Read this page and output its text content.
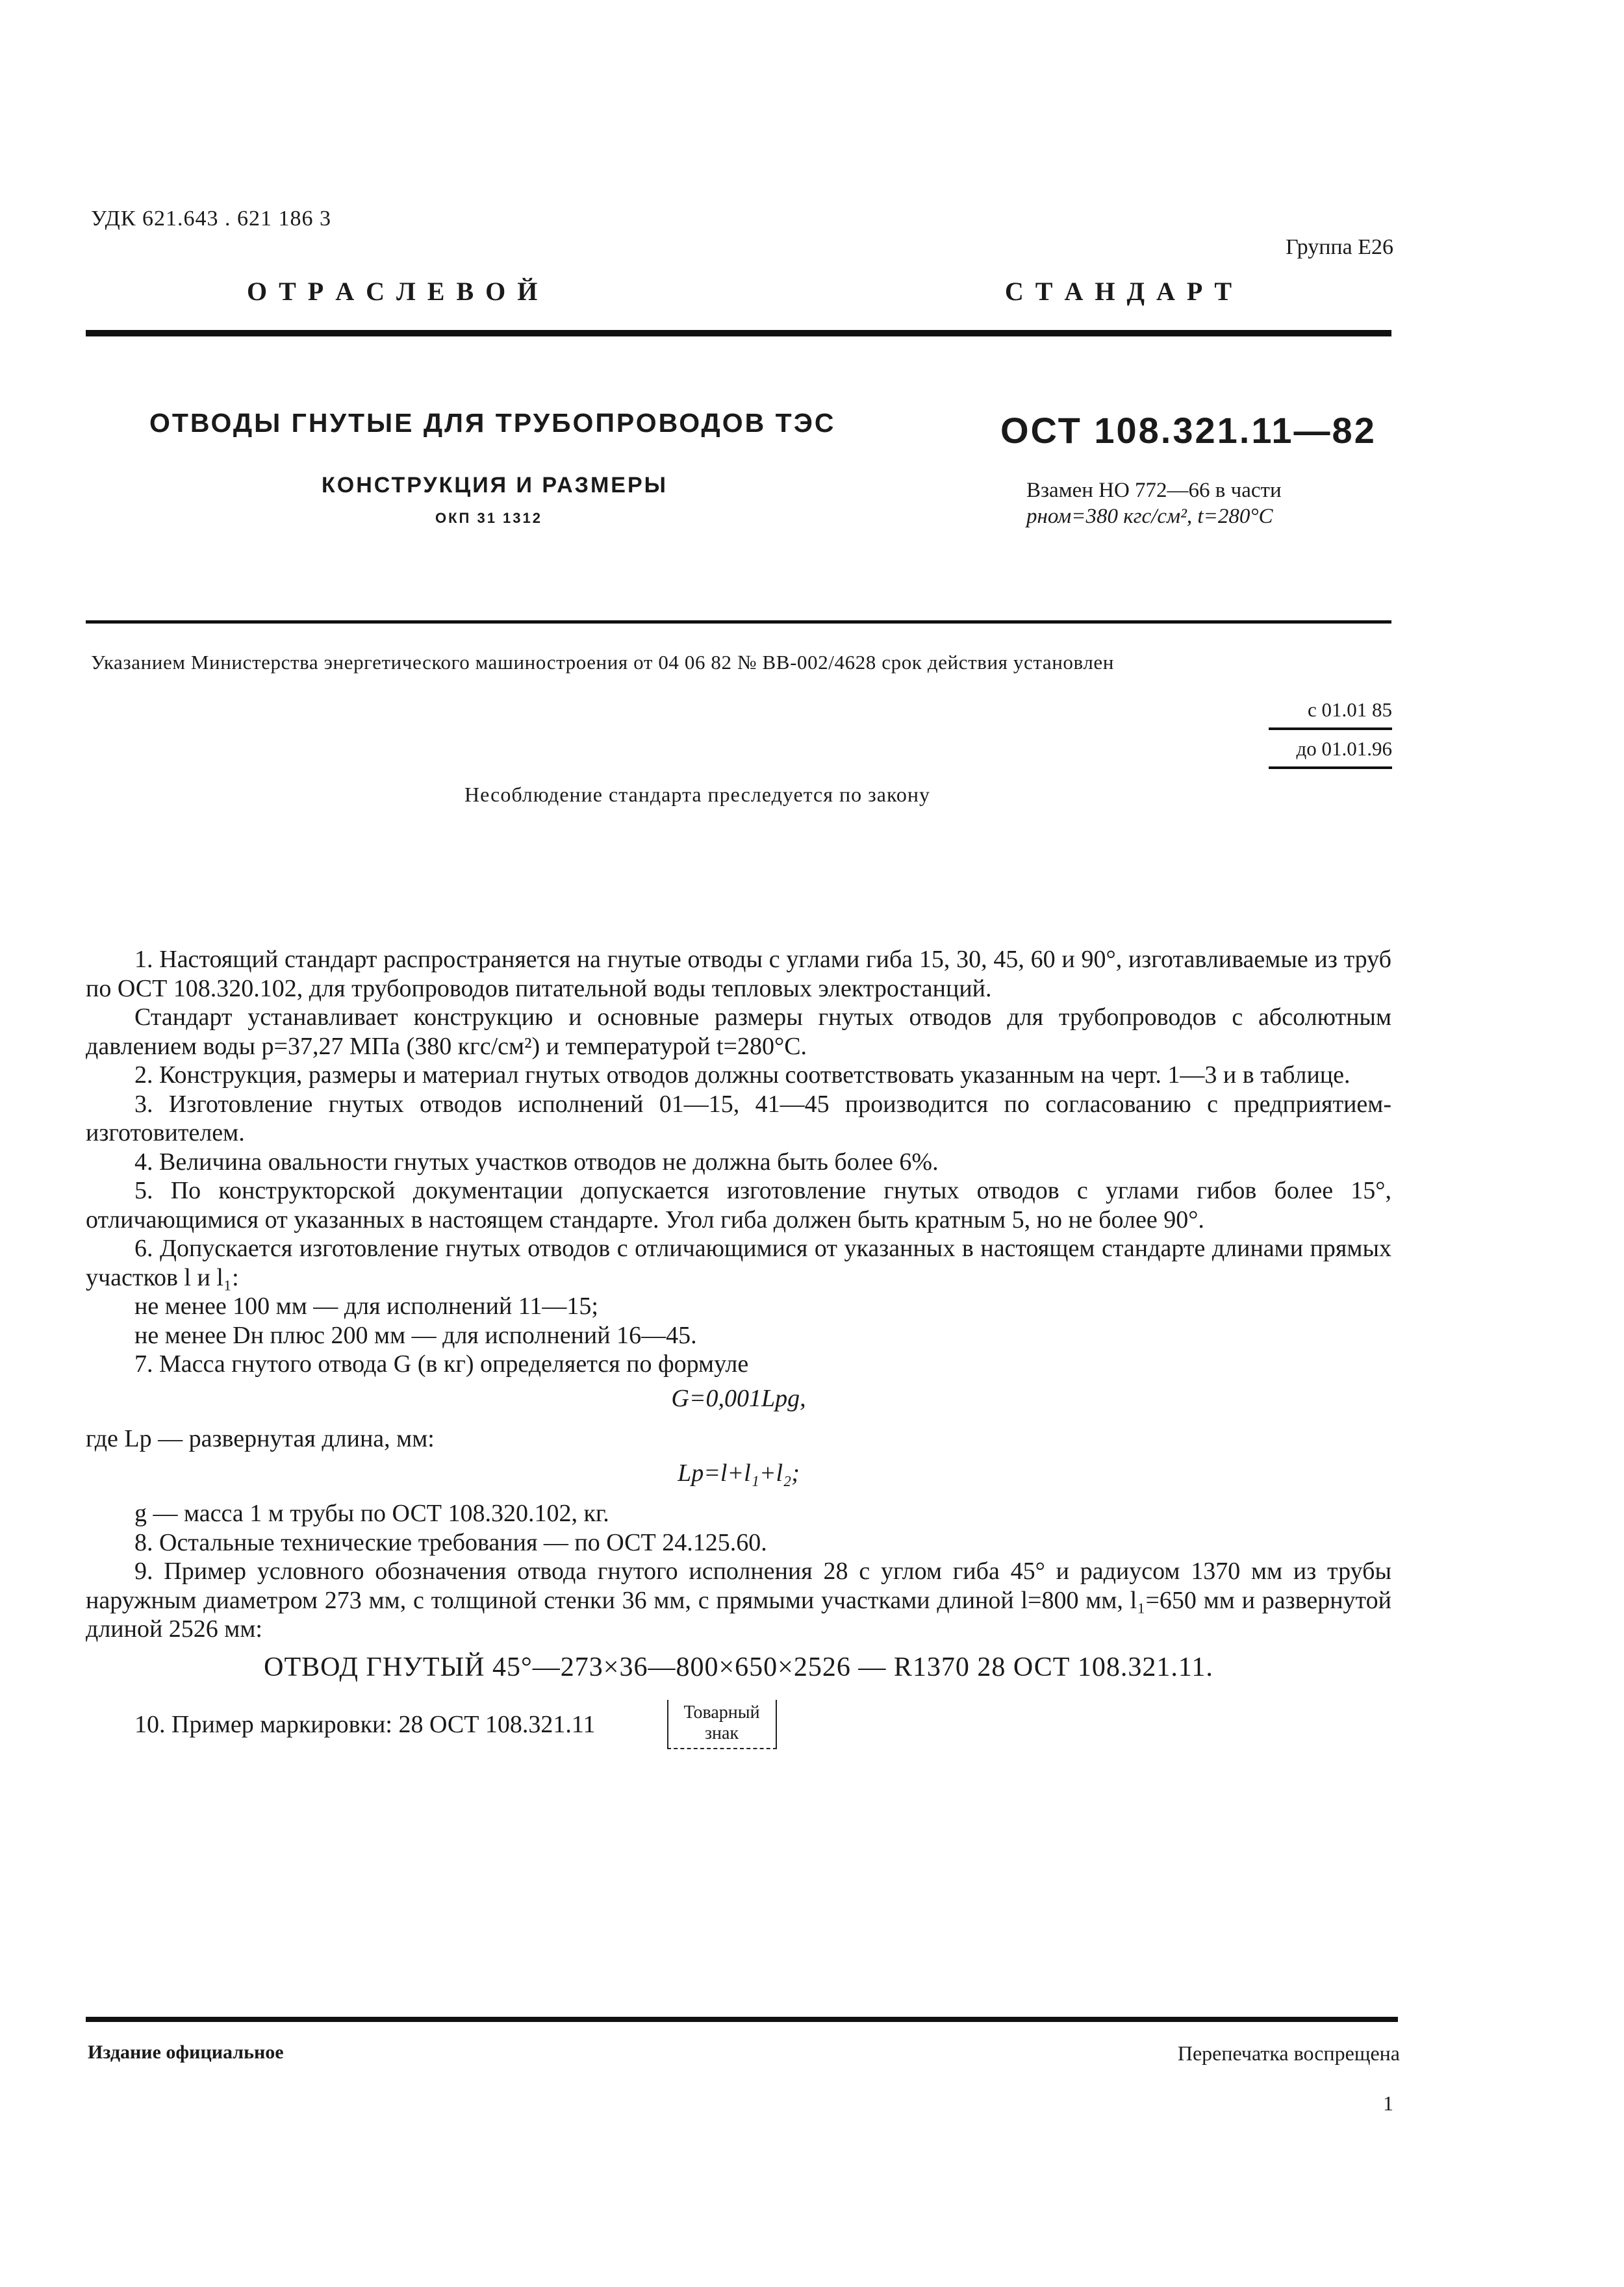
УДК 621.643 . 621 186 3
Группа Е26
О Т Р А С Л Е В О Й	С Т А Н Д А Р Т
ОТВОДЫ ГНУТЫЕ ДЛЯ ТРУБОПРОВОДОВ ТЭС
КОНСТРУКЦИЯ И РАЗМЕРЫ
ОКП 31 1312
ОСТ 108.321.11—82
Взамен НО 772—66 в части
pном=380 кгс/см², t=280°С
Указанием Министерства энергетического машиностроения от 04 06 82 № ВВ-002/4628 срок действия установлен
с 01.01 85
до 01.01.96
Несоблюдение стандарта преследуется по закону

1. Настоящий стандарт распространяется на гнутые отводы с углами гиба 15, 30, 45, 60 и 90°, изготавливаемые из труб по ОСТ 108.320.102, для трубопроводов питательной воды тепловых электростанций.

Стандарт устанавливает конструкцию и основные размеры гнутых отводов для трубопроводов с абсолютным давлением воды p=37,27 МПа (380 кгс/см²) и температурой t=280°С.

2. Конструкция, размеры и материал гнутых отводов должны соответствовать указанным на черт. 1—3 и в таблице.

3. Изготовление гнутых отводов исполнений 01—15, 41—45 производится по согласованию с предприятием-изготовителем.

4. Величина овальности гнутых участков отводов не должна быть более 6%.

5. По конструкторской документации допускается изготовление гнутых отводов с углами гибов более 15°, отличающимися от указанных в настоящем стандарте. Угол гиба должен быть кратным 5, но не более 90°.

6. Допускается изготовление гнутых отводов с отличающимися от указанных в настоящем стандарте длинами прямых участков l и l₁:

не менее 100 мм — для исполнений 11—15;

не менее Dн плюс 200 мм — для исполнений 16—45.

7. Масса гнутого отвода G (в кг) определяется по формуле

G=0,001Lpg,

где Lp — развернутая длина, мм:

Lp=l+l₁+l₂;

g — масса 1 м трубы по ОСТ 108.320.102, кг.

8. Остальные технические требования — по ОСТ 24.125.60.

9. Пример условного обозначения отвода гнутого исполнения 28 с углом гиба 45° и радиусом 1370 мм из трубы наружным диаметром 273 мм, с толщиной стенки 36 мм, с прямыми участками длиной l=800 мм, l₁=650 мм и развернутой длиной 2526 мм:

ОТВОД ГНУТЫЙ 45°—273×36—800×650×2526 — R1370 28 ОСТ 108.321.11.

10. Пример маркировки: 28 ОСТ 108.321.11	Товарный
знак
Издание официальное	Перепечатка воспрещена
1
